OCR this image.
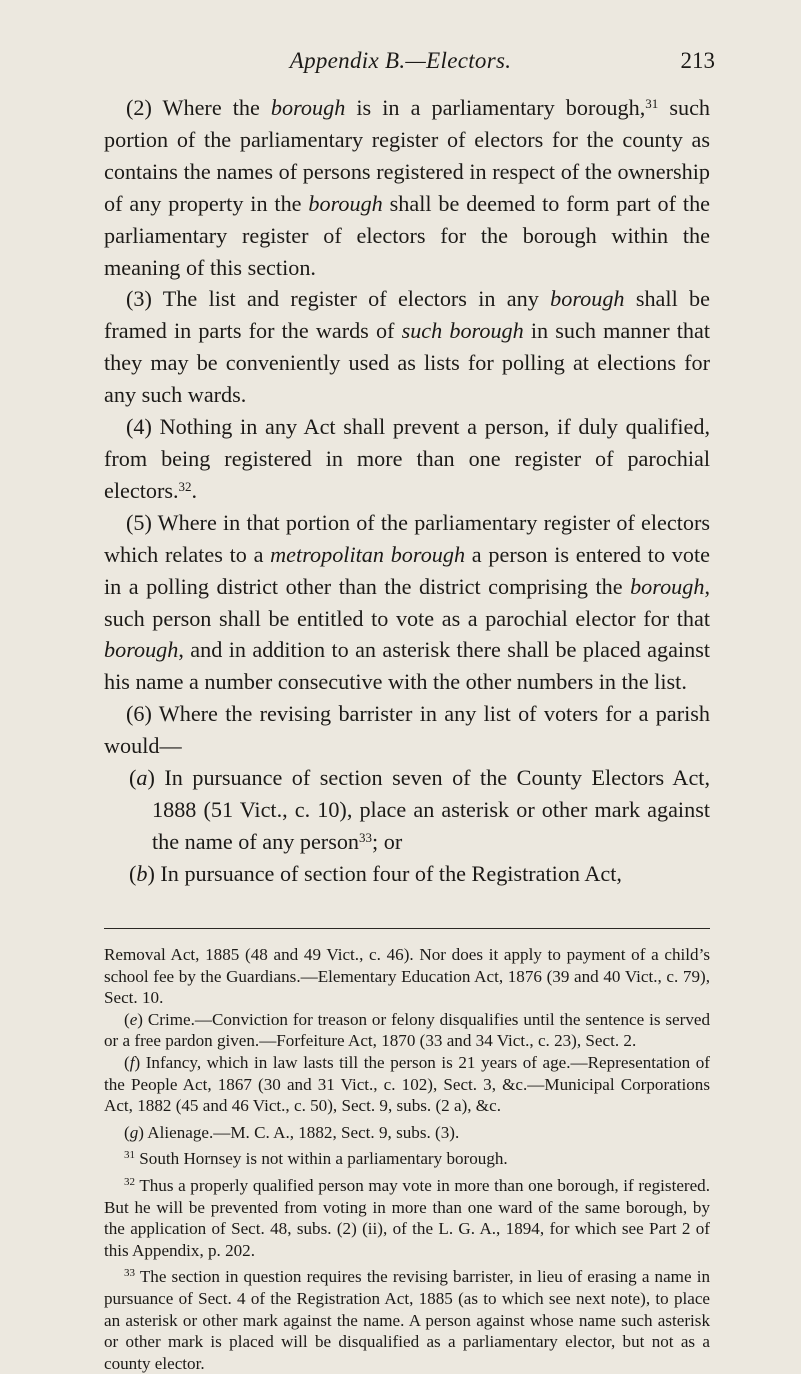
Appendix B.—Electors.	213

(2) Where the borough is in a parliamentary borough,$^{31}$ such portion of the parliamentary register of electors for the county as contains the names of persons registered in respect of the ownership of any property in the borough shall be deemed to form part of the parliamentary register of electors for the borough within the meaning of this section.

(3) The list and register of electors in any borough shall be framed in parts for the wards of such borough in such manner that they may be conveniently used as lists for polling at elections for any such wards.

(4) Nothing in any Act shall prevent a person, if duly qualified, from being registered in more than one register of parochial electors.$^{32}$.

(5) Where in that portion of the parliamentary register of electors which relates to a metropolitan borough a person is entered to vote in a polling district other than the district comprising the borough, such person shall be entitled to vote as a parochial elector for that borough, and in addition to an asterisk there shall be placed against his name a number consecutive with the other numbers in the list.

(6) Where the revising barrister in any list of voters for a parish would—

(a) In pursuance of section seven of the County Electors Act, 1888 (51 Vict., c. 10), place an asterisk or other mark against the name of any person$^{33}$; or

(b) In pursuance of section four of the Registration Act,

Removal Act, 1885 (48 and 49 Vict., c. 46). Nor does it apply to payment of a child’s school fee by the Guardians.—Elementary Education Act, 1876 (39 and 40 Vict., c. 79), Sect. 10.

(e) Crime.—Conviction for treason or felony disqualifies until the sentence is served or a free pardon given.—Forfeiture Act, 1870 (33 and 34 Vict., c. 23), Sect. 2.

(f) Infancy, which in law lasts till the person is 21 years of age.—Representation of the People Act, 1867 (30 and 31 Vict., c. 102), Sect. 3, &c.—Municipal Corporations Act, 1882 (45 and 46 Vict., c. 50), Sect. 9, subs. (2 a), &c.

(g) Alienage.—M. C. A., 1882, Sect. 9, subs. (3).

$^{31}$ South Hornsey is not within a parliamentary borough.

$^{32}$ Thus a properly qualified person may vote in more than one borough, if registered. But he will be prevented from voting in more than one ward of the same borough, by the application of Sect. 48, subs. (2) (ii), of the L. G. A., 1894, for which see Part 2 of this Appendix, p. 202.

$^{33}$ The section in question requires the revising barrister, in lieu of erasing a name in pursuance of Sect. 4 of the Registration Act, 1885 (as to which see next note), to place an asterisk or other mark against the name. A person against whose name such asterisk or other mark is placed will be disqualified as a parliamentary elector, but not as a county elector.
